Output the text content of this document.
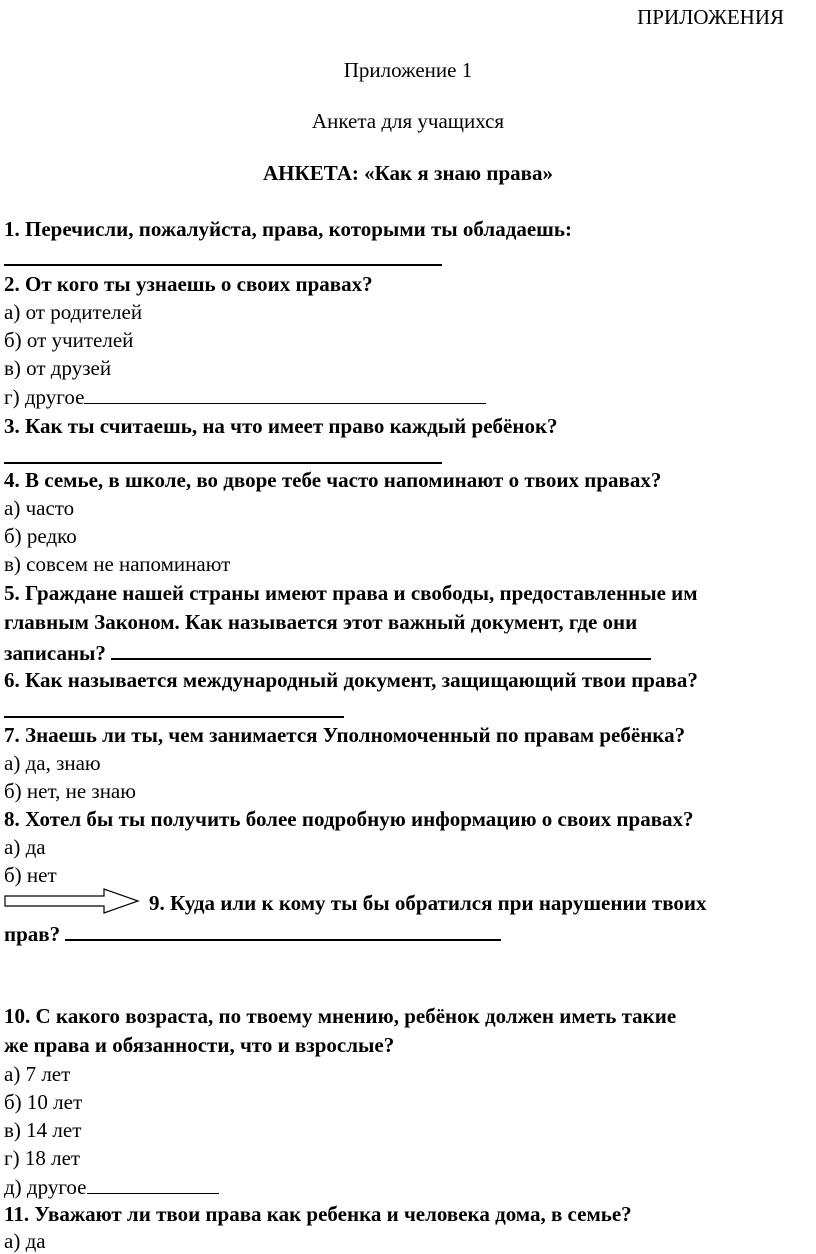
ПРИЛОЖЕНИЯ
Приложение 1
Анкета для учащихся
АНКЕТА: «Как я знаю права»
1. Перечисли, пожалуйста, права, которыми ты обладаешь:
2. От кого ты узнаешь о своих правах?
а) от родителей
б) от учителей
в) от друзей
г) другое
3. Как ты считаешь, на что имеет право каждый ребёнок?
4. В семье, в школе, во дворе тебе часто напоминают о твоих правах?
а) часто
б) редко
в) совсем не напоминают
5. Граждане нашей страны имеют права и свободы, предоставленные им
главным Законом. Как называется этот важный документ, где они
записаны?
6. Как называется международный документ, защищающий твои права?
7. Знаешь ли ты, чем занимается Уполномоченный по правам ребёнка?
а) да, знаю
б) нет, не знаю
8. Хотел бы ты получить более подробную информацию о своих правах?
а) да
б) нет
9. Куда или к кому ты бы обратился при нарушении твоих
прав?
10. С какого возраста, по твоему мнению, ребёнок должен иметь такие
же права и обязанности, что и взрослые?
а) 7 лет
б) 10 лет
в) 14 лет
г) 18 лет
д) другое
11. Уважают ли твои права как ребенка и человека дома, в семье?
а) да
